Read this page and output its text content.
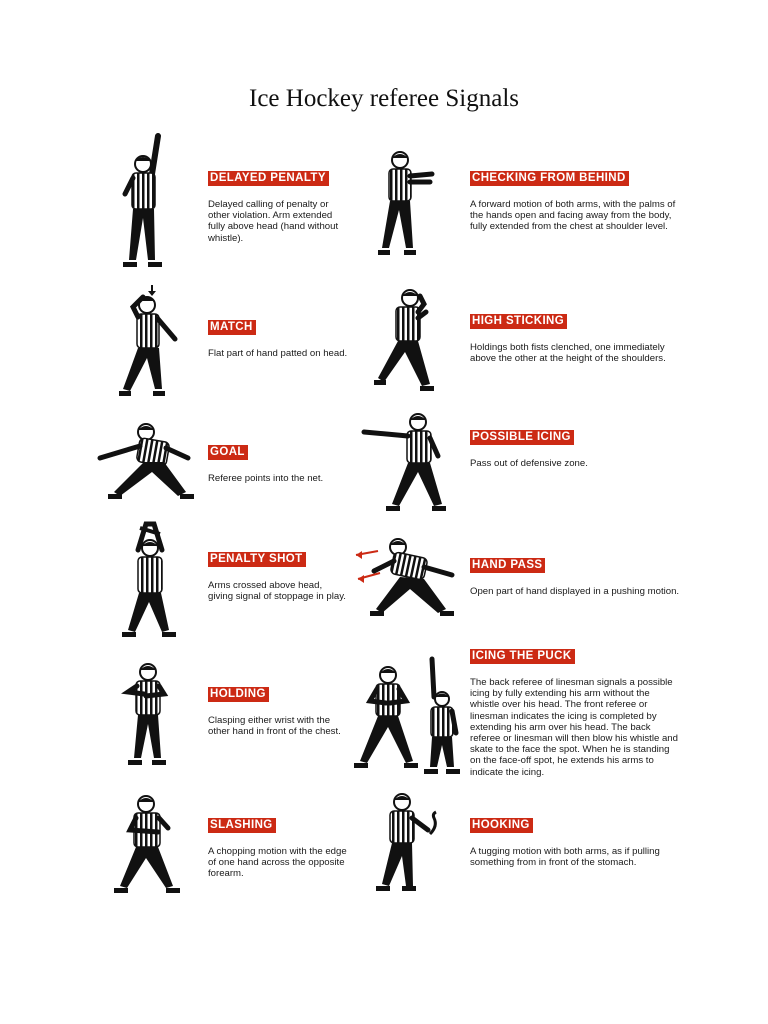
Ice Hockey referee Signals
DELAYED PENALTY
Delayed calling of penalty or other violation. Arm extended fully above head (hand without whistle).
CHECKING FROM BEHIND
A forward motion of both arms, with the palms of the hands open and facing away from the body, fully extended from the chest at shoulder level.
MATCH
Flat part of hand patted on head.
HIGH STICKING
Holdings both fists clenched, one immediately above the other at the height of the shoulders.
GOAL
Referee points into the net.
POSSIBLE ICING
Pass out of defensive zone.
PENALTY SHOT
Arms crossed above head, giving signal of stoppage in play.
HAND PASS
Open part of hand displayed in a pushing motion.
HOLDING
Clasping either wrist with the other hand in front of the chest.
ICING THE PUCK
The back referee of linesman signals a possible icing by fully extending his arm without the whistle over his head. The front referee or linesman indicates the icing is completed by extending his arm over his head. The back referee or linesman will then blow his whistle and skate to the face the spot. When he is standing on the face-off spot, he extends his arms to indicate the icing.
SLASHING
A chopping motion with the edge of one hand across the opposite forearm.
HOOKING
A tugging motion with both arms, as if pulling something from in front of the stomach.
